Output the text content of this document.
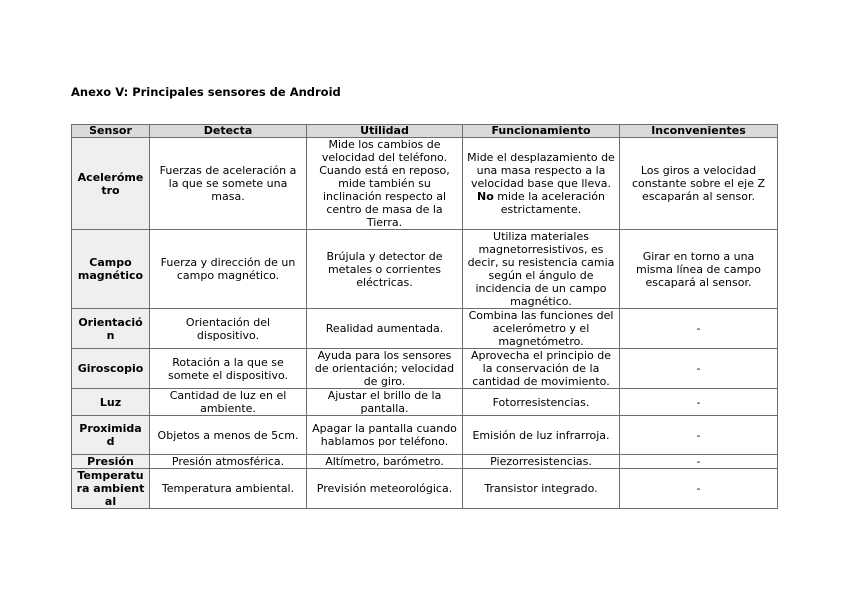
Anexo V: Principales sensores de Android
Sensor	Detecta	Utilidad	Funcionamiento	Inconvenientes
Acelerómetro	Fuerzas de aceleración a la que se somete una masa.	Mide los cambios de velocidad del teléfono. Cuando está en reposo, mide también su inclinación respecto al centro de masa de la Tierra.	Mide el desplazamiento de una masa respecto a la velocidad base que lleva. No mide la aceleración estrictamente.	Los giros a velocidad constante sobre el eje Z escaparán al sensor.
Campo magnético	Fuerza y dirección de un campo magnético.	Brújula y detector de metales o corrientes eléctricas.	Utiliza materiales magnetorresistivos, es decir, su resistencia camia según el ángulo de incidencia de un campo magnético.	Girar en torno a una misma línea de campo escapará al sensor.
Orientación	Orientación del dispositivo.	Realidad aumentada.	Combina las funciones del acelerómetro y el magnetómetro.	-
Giroscopio	Rotación a la que se somete el dispositivo.	Ayuda para los sensores de orientación; velocidad de giro.	Aprovecha el principio de la conservación de la cantidad de movimiento.	-
Luz	Cantidad de luz en el ambiente.	Ajustar el brillo de la pantalla.	Fotorresistencias.	-
Proximidad	Objetos a menos de 5cm.	Apagar la pantalla cuando hablamos por teléfono.	Emisión de luz infrarroja.	-
Presión	Presión atmosférica.	Altímetro, barómetro.	Piezorresistencias.	-
Temperatura ambiental	Temperatura ambiental.	Previsión meteorológica.	Transistor integrado.	-
